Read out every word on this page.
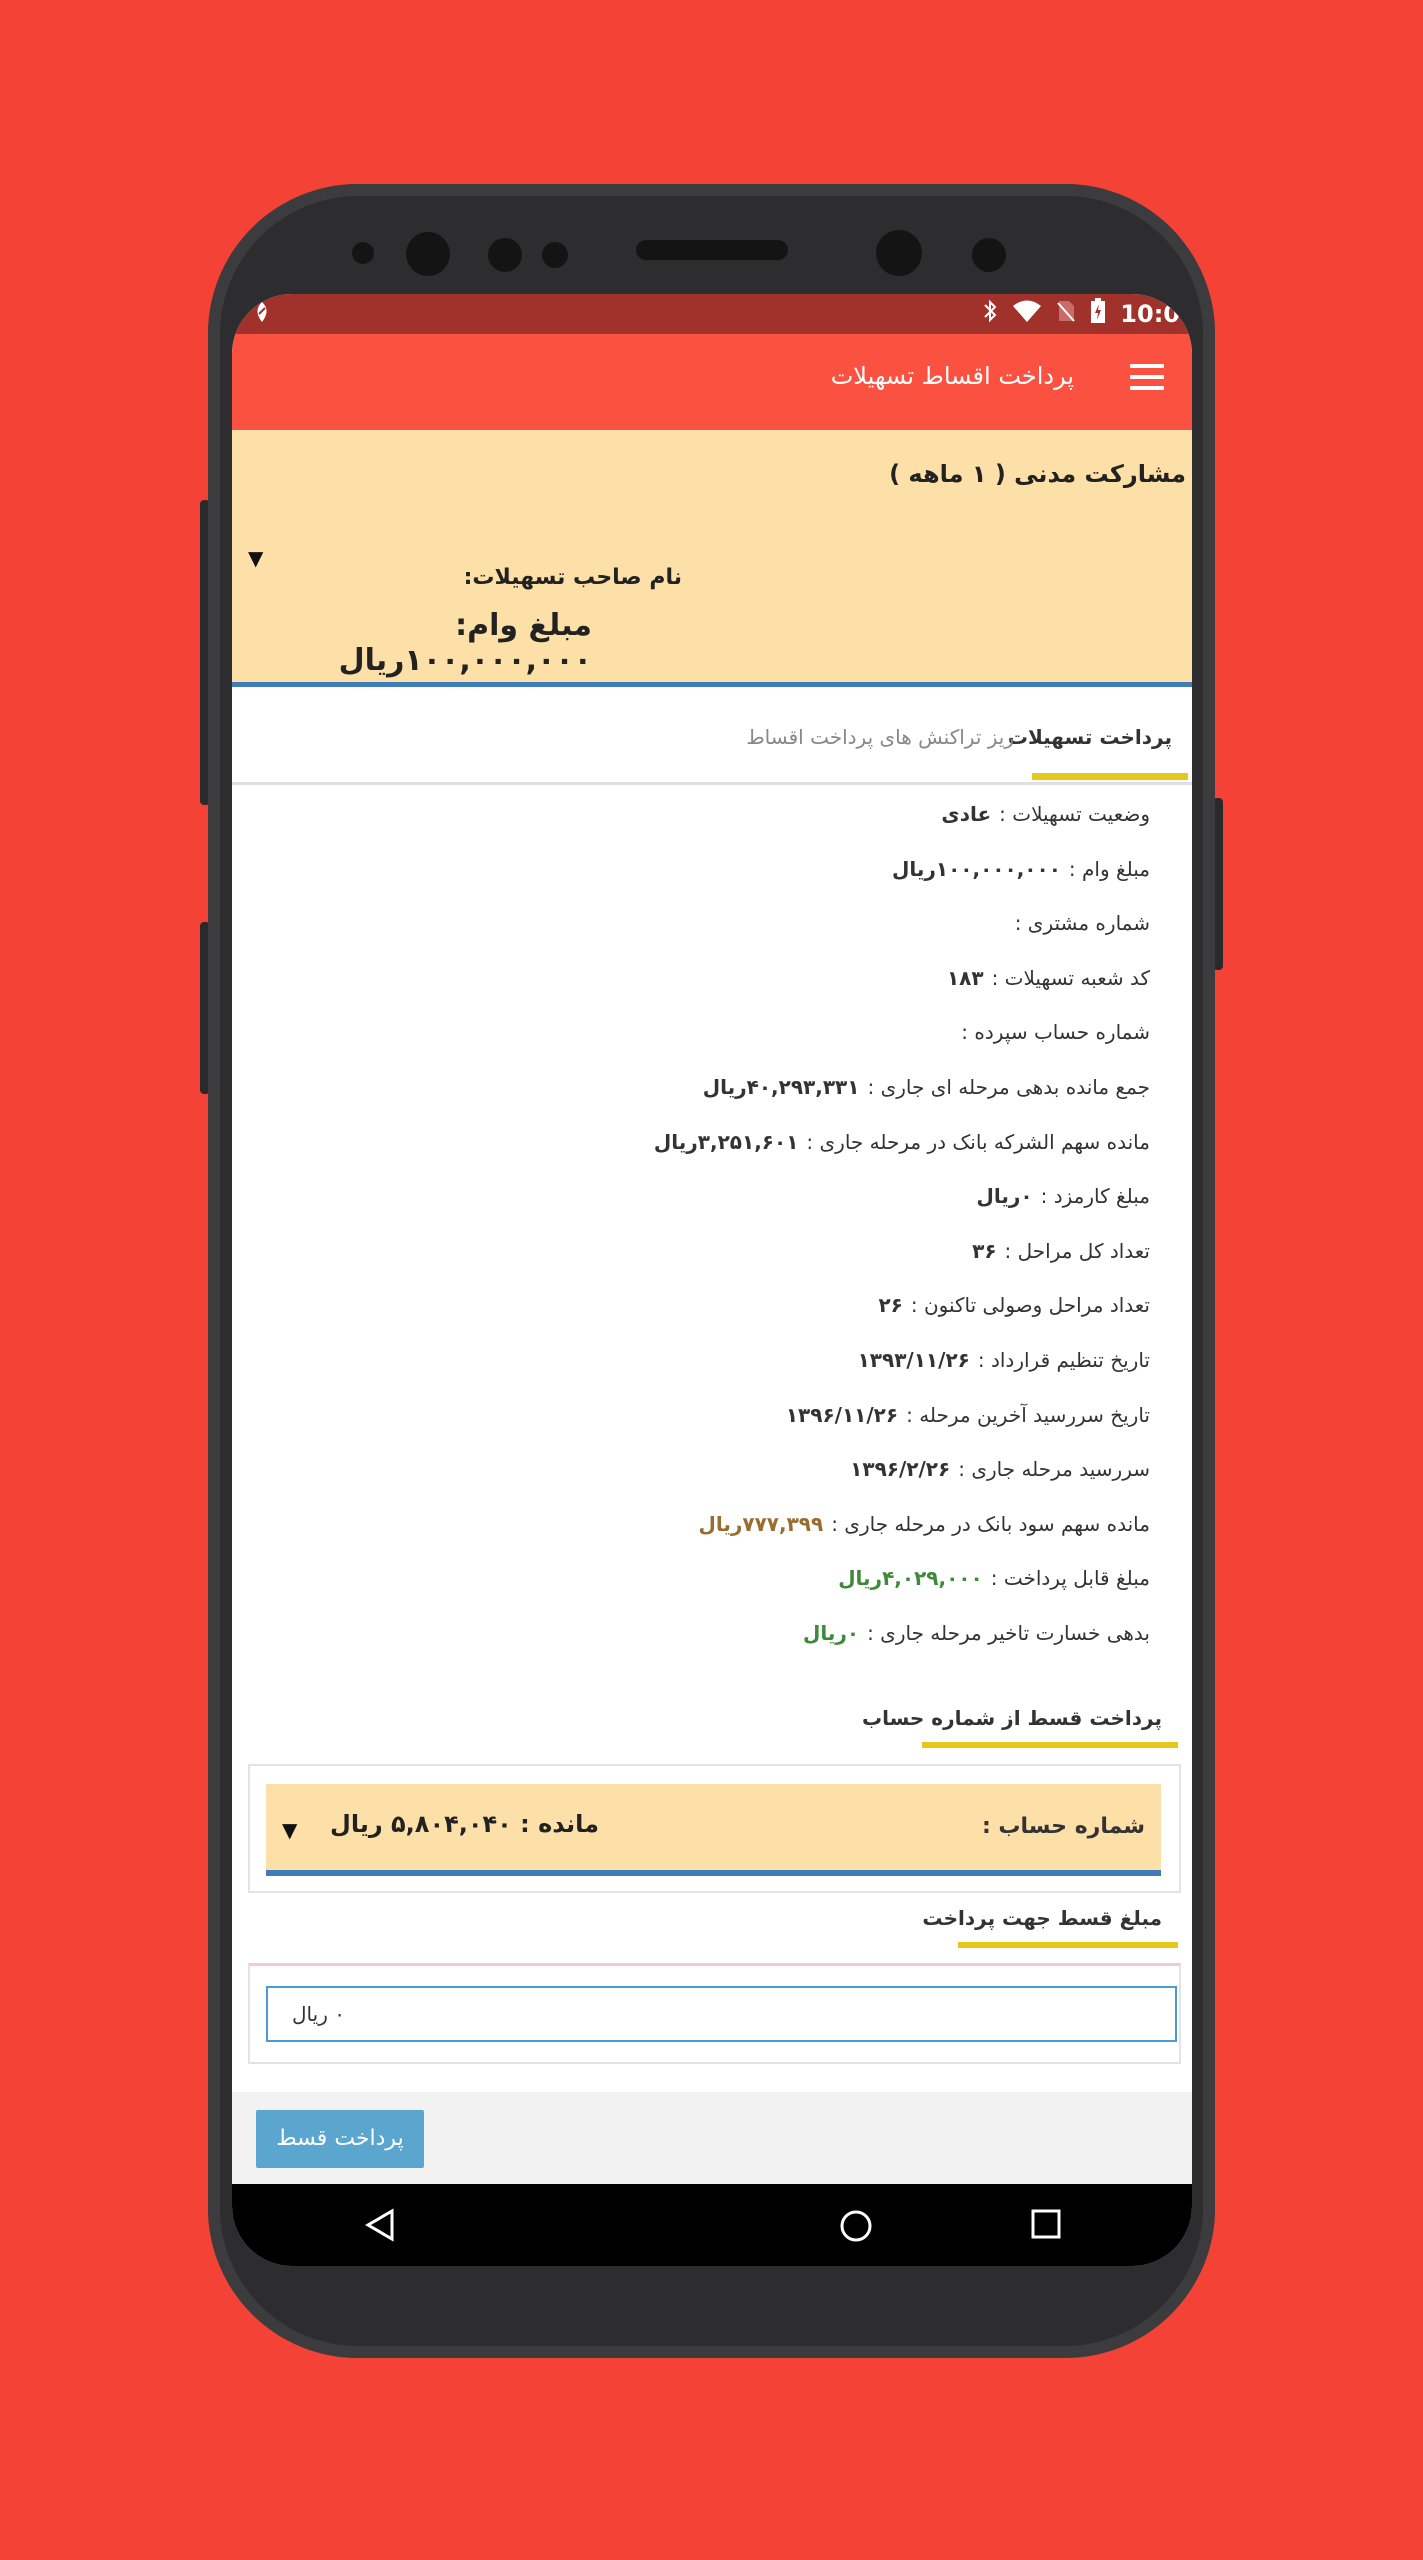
10:0
پرداخت اقساط تسهیلات
مشارکت مدنی ( ۱ ماهه )
▼
نام صاحب تسهیلات:
مبلغ وام: ۱۰۰,۰۰۰,۰۰۰ریال
پرداخت تسهیلات
ریز تراکنش های پرداخت اقساط
وضعیت تسهیلات :عادی
مبلغ وام :۱۰۰,۰۰۰,۰۰۰ریال
شماره مشتری :
کد شعبه تسهیلات :۱۸۳
شماره حساب سپرده :
جمع مانده بدهی مرحله ای جاری :۴۰,۲۹۳,۳۳۱ریال
مانده سهم الشرکه بانک در مرحله جاری :۳,۲۵۱,۶۰۱ریال
مبلغ کارمزد :۰ریال
تعداد کل مراحل :۳۶
تعداد مراحل وصولی تاکنون :۲۶
تاریخ تنظیم قرارداد :۱۳۹۳/۱۱/۲۶
تاریخ سررسید آخرین مرحله :۱۳۹۶/۱۱/۲۶
سررسید مرحله جاری :۱۳۹۶/۲/۲۶
مانده سهم سود بانک در مرحله جاری :۷۷۷,۳۹۹ریال
مبلغ قابل پرداخت :۴,۰۲۹,۰۰۰ریال
بدهی خسارت تاخیر مرحله جاری :۰ریال
پرداخت قسط از شماره حساب
شماره حساب :
مانده : ۵,۸۰۴,۰۴۰ ریال
▼
مبلغ قسط جهت پرداخت
۰ ریال
پرداخت قسط
